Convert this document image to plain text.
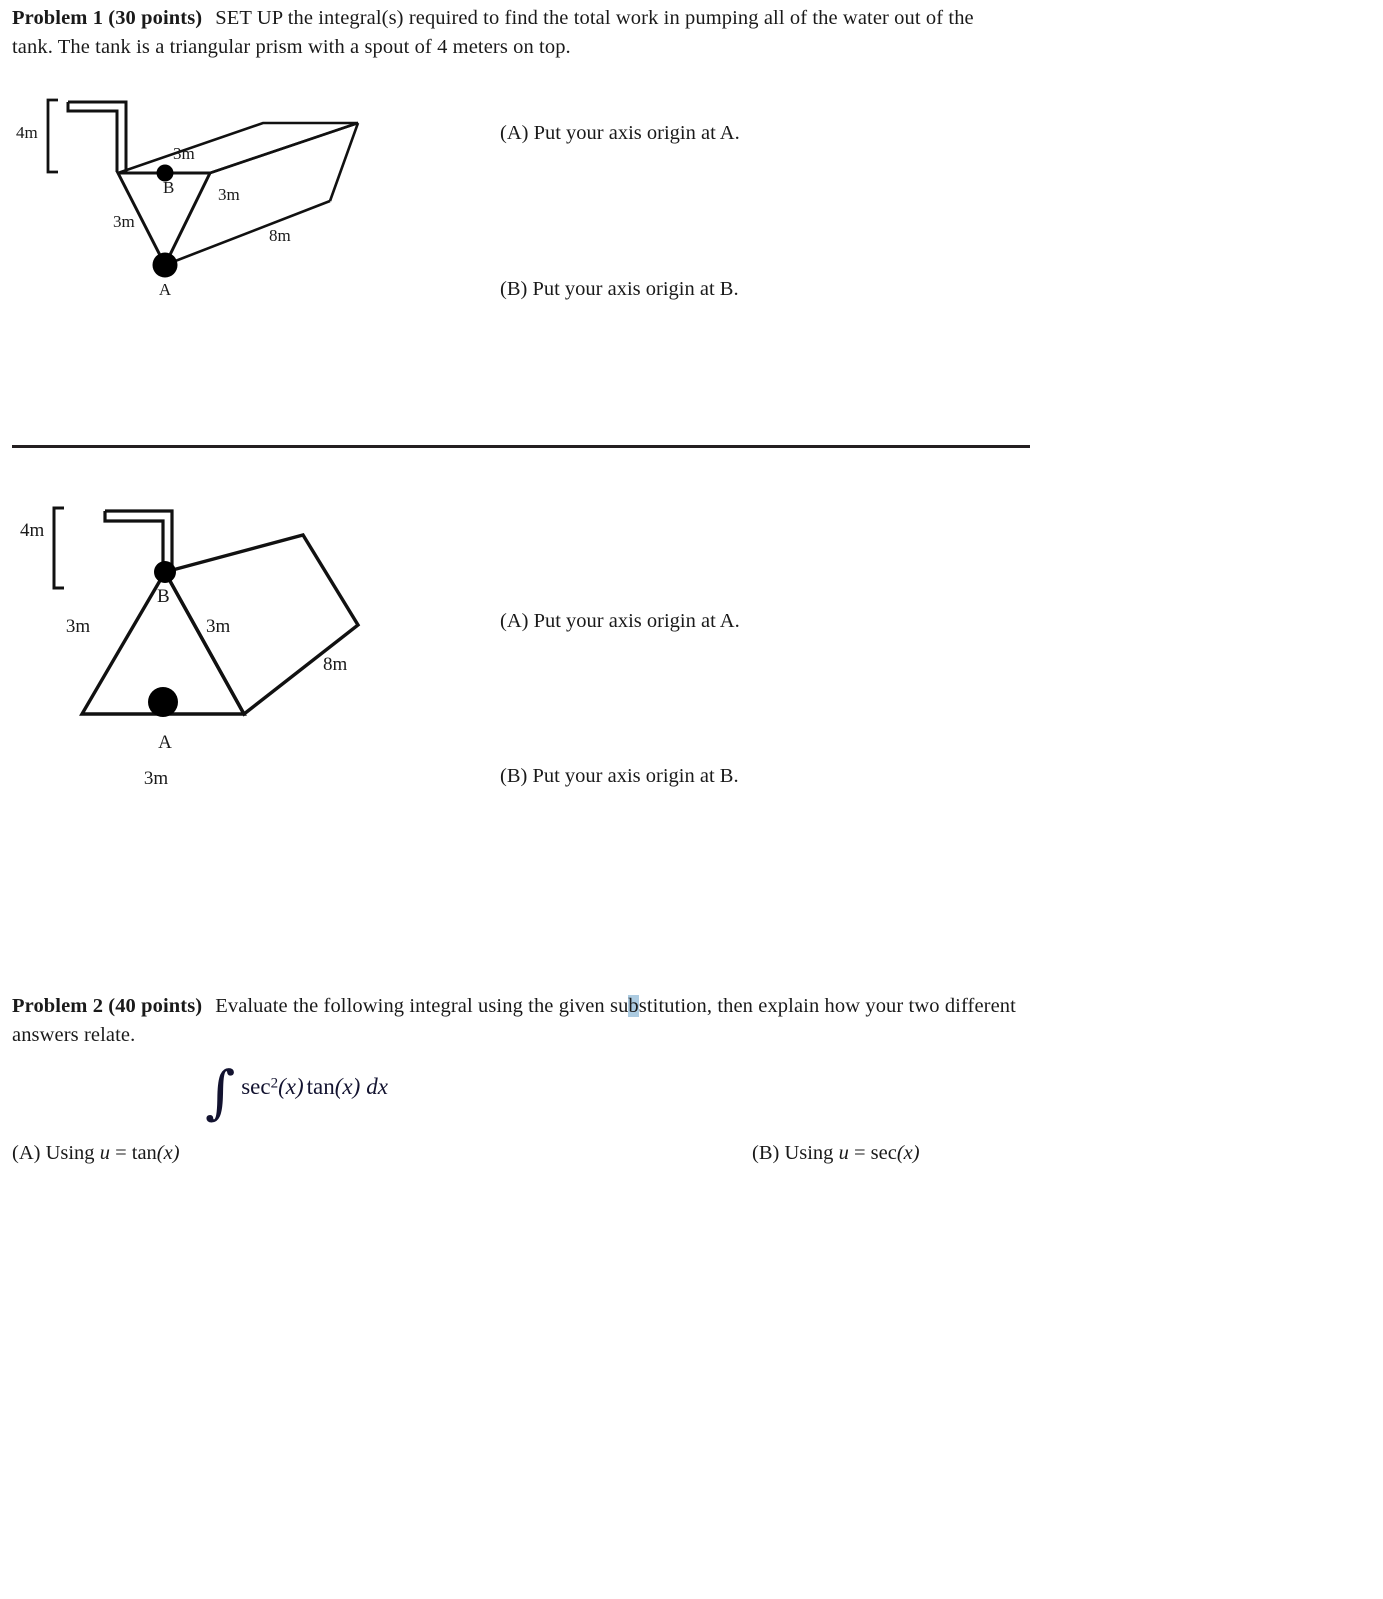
Problem 1 (30 points) SET UP the integral(s) required to find the total work in pumping all of the water out of the
tank. The tank is a triangular prism with a spout of 4 meters on top.
4m
3m
B
3m
3m
8m
A
(A) Put your axis origin at A.
(B) Put your axis origin at B.
4m
B
3m	3m
8m
A
3m
(A) Put your axis origin at A.
(B) Put your axis origin at B.
Problem 2 (40 points) Evaluate the following integral using the given substitution, then explain how your two different
answers relate.
∫ sec2(x) tan(x) dx
(A) Using u = tan(x)	(B) Using u = sec(x)
